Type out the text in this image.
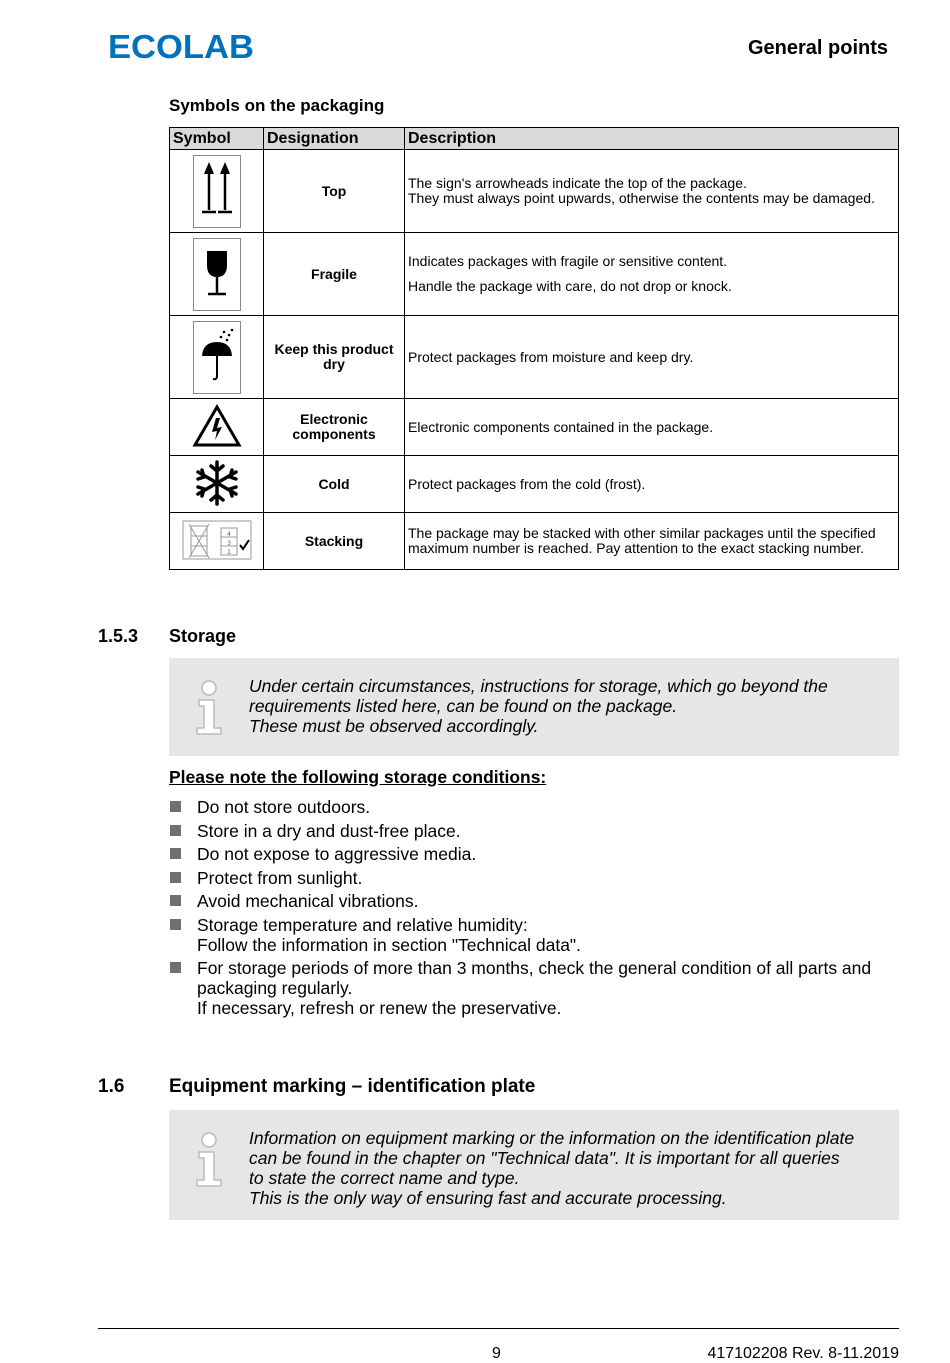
ECOLAB	General points
Symbols on the packaging
Symbol	Designation	Description
	Top	The sign's arrowheads indicate the top of the package.
They must always point upwards, otherwise the contents may be damaged.

	Fragile	Indicates packages with fragile or sensitive content.
Handle the package with care, do not drop or knock.

	Keep this product dry	Protect packages from moisture and keep dry.

	Electronic components	Electronic components contained in the package.

	Cold	Protect packages from the cold (frost).

4
3
1	Stacking	The package may be stacked with other similar packages until the specified maximum number is reached. Pay attention to the exact stacking number.
1.5.3 Storage
Under certain circumstances, instructions for storage, which go beyond the requirements listed here, can be found on the package.
These must be observed accordingly.
Please note the following storage conditions:
Do not store outdoors.
Store in a dry and dust-free place.
Do not expose to aggressive media.
Protect from sunlight.
Avoid mechanical vibrations.
Storage temperature and relative humidity:
Follow the information in section "Technical data".
For storage periods of more than 3 months, check the general condition of all parts and packaging regularly.
If necessary, refresh or renew the preservative.
1.6 Equipment marking – identification plate
Information on equipment marking or the information on the identification plate can be found in the chapter on "Technical data". It is important for all queries to state the correct name and type.
This is the only way of ensuring fast and accurate processing.
9	417102208 Rev. 8-11.2019
